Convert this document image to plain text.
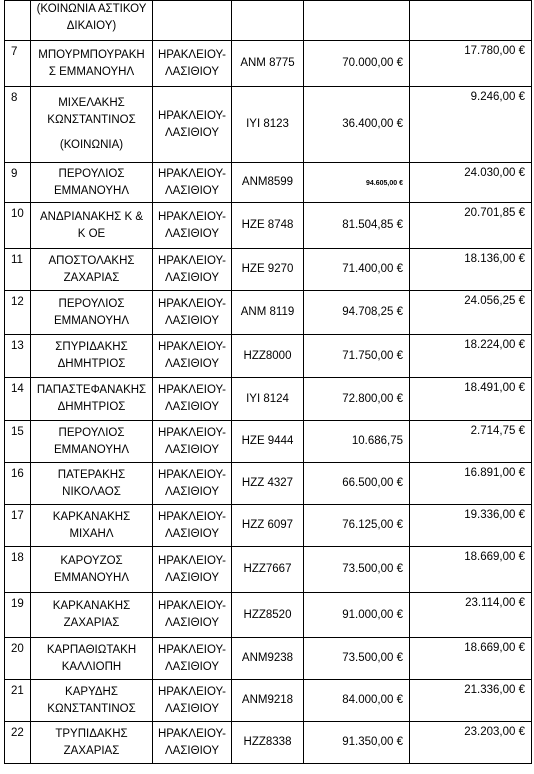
	(ΚΟΙΝΩΝΙΑ ΑΣΤΙΚΟΥ
ΔΙΚΑΙΟΥ)				
7	ΜΠΟΥΡΜΠΟΥΡΑΚΗ
Σ ΕΜΜΑΝΟΥΗΛ	ΗΡΑΚΛΕΙΟΥ-
ΛΑΣΙΘΙΟΥ	ΑΝΜ 8775	70.000,00 €	17.780,00 €
8	ΜΙΧΕΛΑΚΗΣ
ΚΩΝΣΤΑΝΤΙΝΟΣ

(ΚΟΙΝΩΝΙΑ)	ΗΡΑΚΛΕΙΟΥ-
ΛΑΣΙΘΙΟΥ	ΙΥΙ 8123	36.400,00 €	9.246,00 €
9	ΠΕΡΟΥΛΙΟΣ
ΕΜΜΑΝΟΥΗΛ	ΗΡΑΚΛΕΙΟΥ-
ΛΑΣΙΘΙΟΥ	ΑΝΜ8599	94.605,00 €	24.030,00 €
10	ΑΝΔΡΙΑΝΑΚΗΣ Κ &
Κ ΟΕ	ΗΡΑΚΛΕΙΟΥ-
ΛΑΣΙΘΙΟΥ	ΗΖΕ 8748	81.504,85 €	20.701,85 €
11	ΑΠΟΣΤΟΛΑΚΗΣ
ΖΑΧΑΡΙΑΣ	ΗΡΑΚΛΕΙΟΥ-
ΛΑΣΙΘΙΟΥ	ΗΖΕ 9270	71.400,00 €	18.136,00 €
12	ΠΕΡΟΥΛΙΟΣ
ΕΜΜΑΝΟΥΗΛ	ΗΡΑΚΛΕΙΟΥ-
ΛΑΣΙΘΙΟΥ	ΑΝΜ 8119	94.708,25 €	24.056,25 €
13	ΣΠΥΡΙΔΑΚΗΣ
ΔΗΜΗΤΡΙΟΣ	ΗΡΑΚΛΕΙΟΥ-
ΛΑΣΙΘΙΟΥ	ΗΖΖ8000	71.750,00 €	18.224,00 €
14	ΠΑΠΑΣΤΕΦΑΝΑΚΗΣ
ΔΗΜΗΤΡΙΟΣ	ΗΡΑΚΛΕΙΟΥ-
ΛΑΣΙΘΙΟΥ	ΙΥΙ 8124	72.800,00 €	18.491,00 €
15	ΠΕΡΟΥΛΙΟΣ
ΕΜΜΑΝΟΥΗΛ	ΗΡΑΚΛΕΙΟΥ-
ΛΑΣΙΘΙΟΥ	ΗΖΕ 9444	10.686,75	2.714,75 €
16	ΠΑΤΕΡΑΚΗΣ
ΝΙΚΟΛΑΟΣ	ΗΡΑΚΛΕΙΟΥ-
ΛΑΣΙΘΙΟΥ	ΗΖΖ 4327	66.500,00 €	16.891,00 €
17	ΚΑΡΚΑΝΑΚΗΣ
ΜΙΧΑΗΛ	ΗΡΑΚΛΕΙΟΥ-
ΛΑΣΙΘΙΟΥ	ΗΖΖ 6097	76.125,00 €	19.336,00 €
18	ΚΑΡΟΥΖΟΣ
ΕΜΜΑΝΟΥΗΛ	ΗΡΑΚΛΕΙΟΥ-
ΛΑΣΙΘΙΟΥ	ΗΖΖ7667	73.500,00 €	18.669,00 €
19	ΚΑΡΚΑΝΑΚΗΣ
ΖΑΧΑΡΙΑΣ	ΗΡΑΚΛΕΙΟΥ-
ΛΑΣΙΘΙΟΥ	ΗΖΖ8520	91.000,00 €	23.114,00 €
20	ΚΑΡΠΑΘΙΩΤΑΚΗ
ΚΑΛΛΙΟΠΗ	ΗΡΑΚΛΕΙΟΥ-
ΛΑΣΙΘΙΟΥ	ΑΝΜ9238	73.500,00 €	18.669,00 €
21	ΚΑΡΥΔΗΣ
ΚΩΝΣΤΑΝΤΙΝΟΣ	ΗΡΑΚΛΕΙΟΥ-
ΛΑΣΙΘΙΟΥ	ΑΝΜ9218	84.000,00 €	21.336,00 €
22	ΤΡΥΠΙΔΑΚΗΣ
ΖΑΧΑΡΙΑΣ	ΗΡΑΚΛΕΙΟΥ-
ΛΑΣΙΘΙΟΥ	ΗΖΖ8338	91.350,00 €	23.203,00 €
